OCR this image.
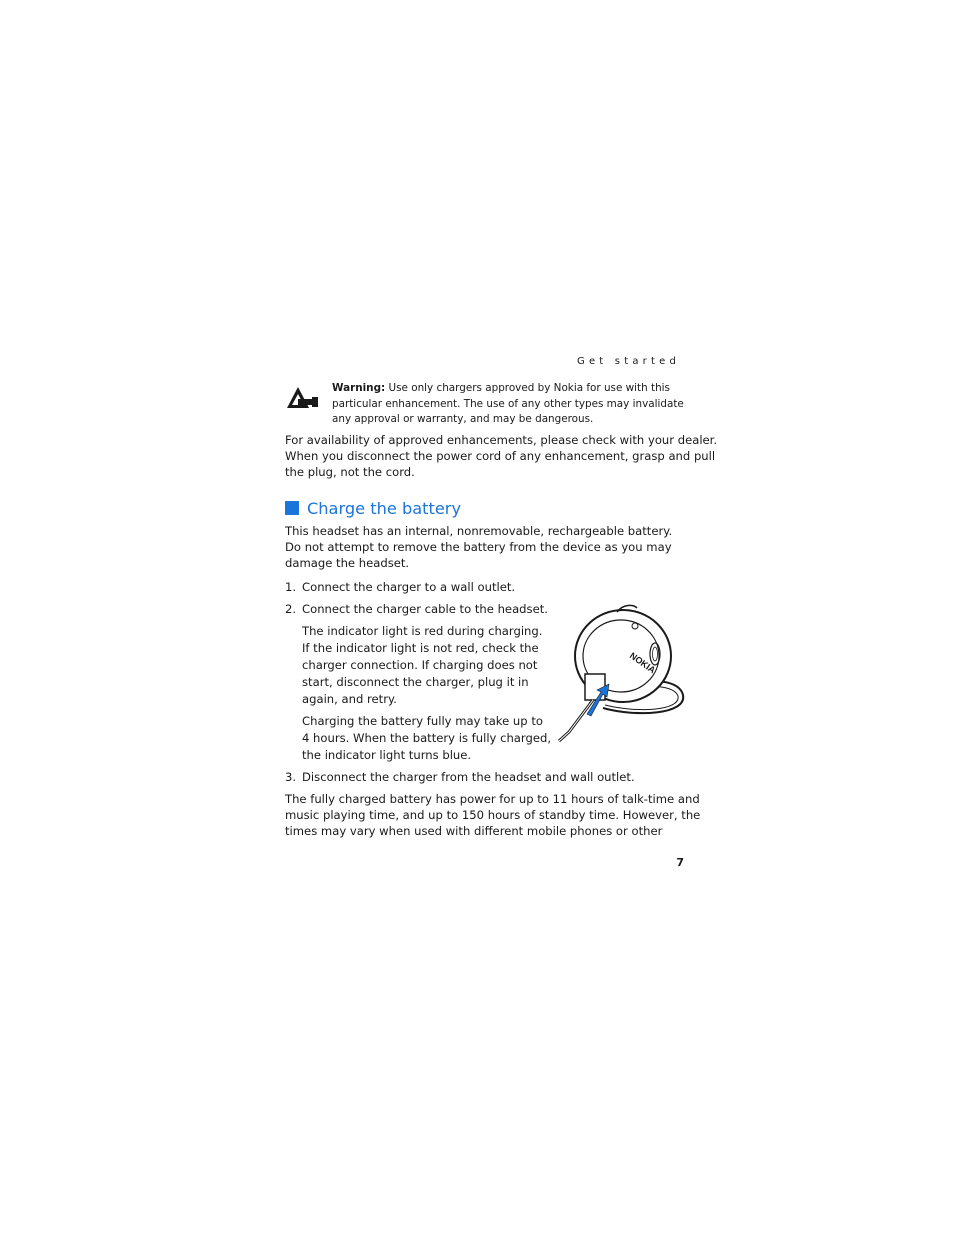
Get started
Warning: Use only chargers approved by Nokia for use with this
particular enhancement. The use of any other types may invalidate
any approval or warranty, and may be dangerous.
For availability of approved enhancements, please check with your dealer.
When you disconnect the power cord of any enhancement, grasp and pull
the plug, not the cord.
Charge the battery
This headset has an internal, nonremovable, rechargeable battery.
Do not attempt to remove the battery from the device as you may
damage the headset.
1. Connect the charger to a wall outlet.
2. Connect the charger cable to the headset.
The indicator light is red during charging.
If the indicator light is not red, check the
charger connection. If charging does not
start, disconnect the charger, plug it in
again, and retry.
Charging the battery fully may take up to
4 hours. When the battery is fully charged,
the indicator light turns blue.
NOKIA
3. Disconnect the charger from the headset and wall outlet.
The fully charged battery has power for up to 11 hours of talk-time and
music playing time, and up to 150 hours of standby time. However, the
times may vary when used with different mobile phones or other
7
